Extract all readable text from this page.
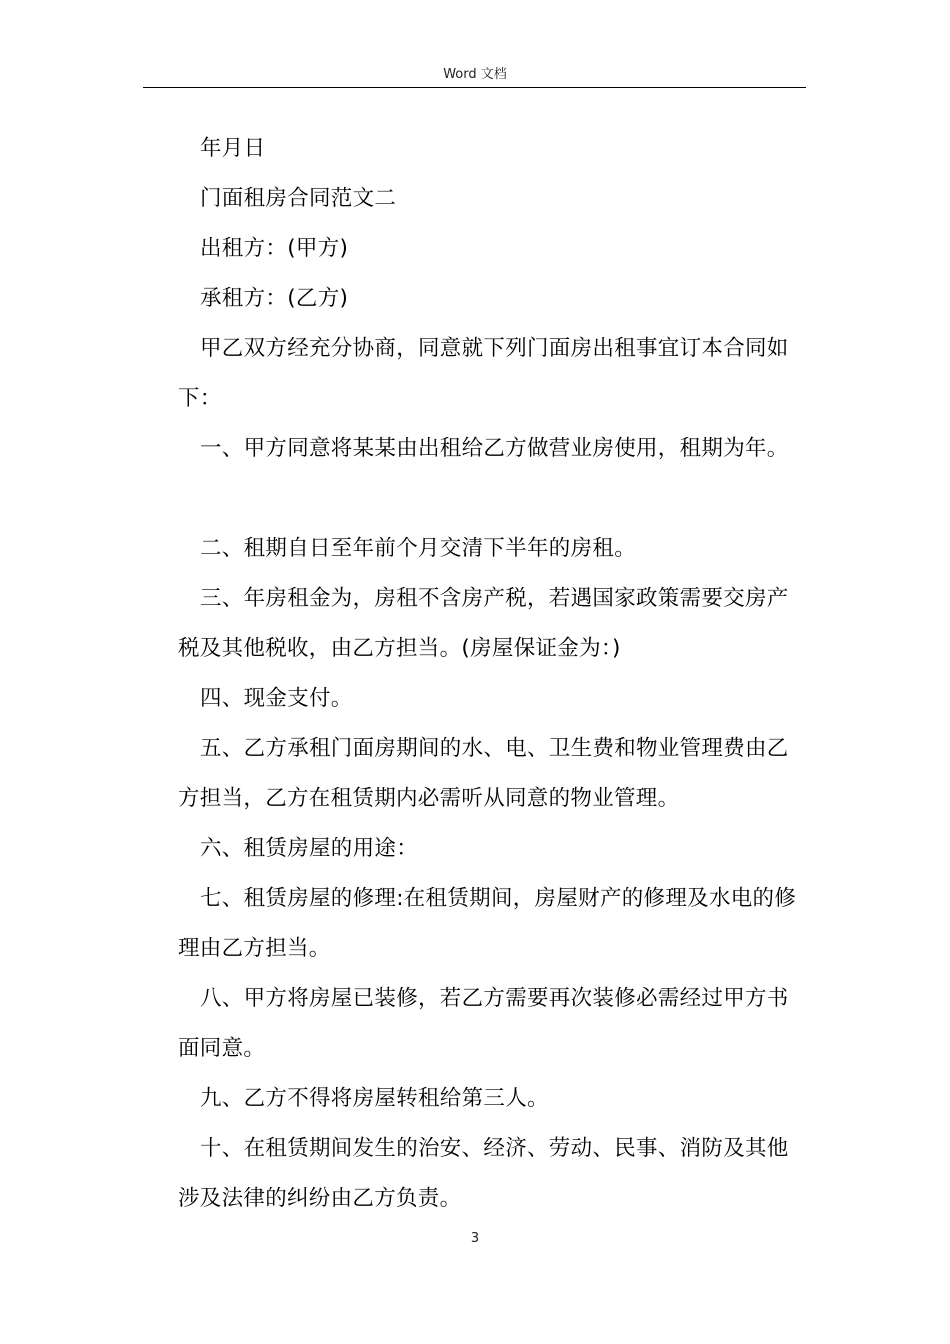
Word 文档

年月日

门面租房合同范文二

出租方：(甲方)

承租方：(乙方)

甲乙双方经充分协商，同意就下列门面房出租事宜订本合同如下：

一、甲方同意将某某由出租给乙方做营业房使用，租期为年。

二、租期自日至年前个月交清下半年的房租。

三、年房租金为，房租不含房产税，若遇国家政策需要交房产税及其他税收，由乙方担当。(房屋保证金为：)

四、现金支付。

五、乙方承租门面房期间的水、电、卫生费和物业管理费由乙方担当，乙方在租赁期内必需听从同意的物业管理。

六、租赁房屋的用途：

七、租赁房屋的修理:在租赁期间，房屋财产的修理及水电的修理由乙方担当。

八、甲方将房屋已装修，若乙方需要再次装修必需经过甲方书面同意。

九、乙方不得将房屋转租给第三人。

十、在租赁期间发生的治安、经济、劳动、民事、消防及其他涉及法律的纠纷由乙方负责。

3
